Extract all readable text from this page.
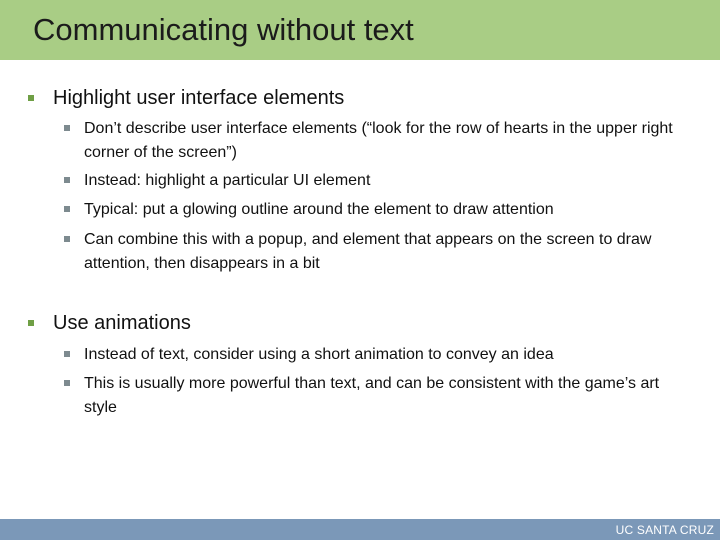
Communicating without text
Highlight user interface elements
Don’t describe user interface elements (“look for the row of hearts in the upper right corner of the screen”)
Instead: highlight a particular UI element
Typical: put a glowing outline around the element to draw attention
Can combine this with a popup, and element that appears on the screen to draw attention, then disappears in a bit
Use animations
Instead of text, consider using a short animation to convey an idea
This is usually more powerful than text, and can be consistent with the game’s art style
UC SANTA CRUZ
